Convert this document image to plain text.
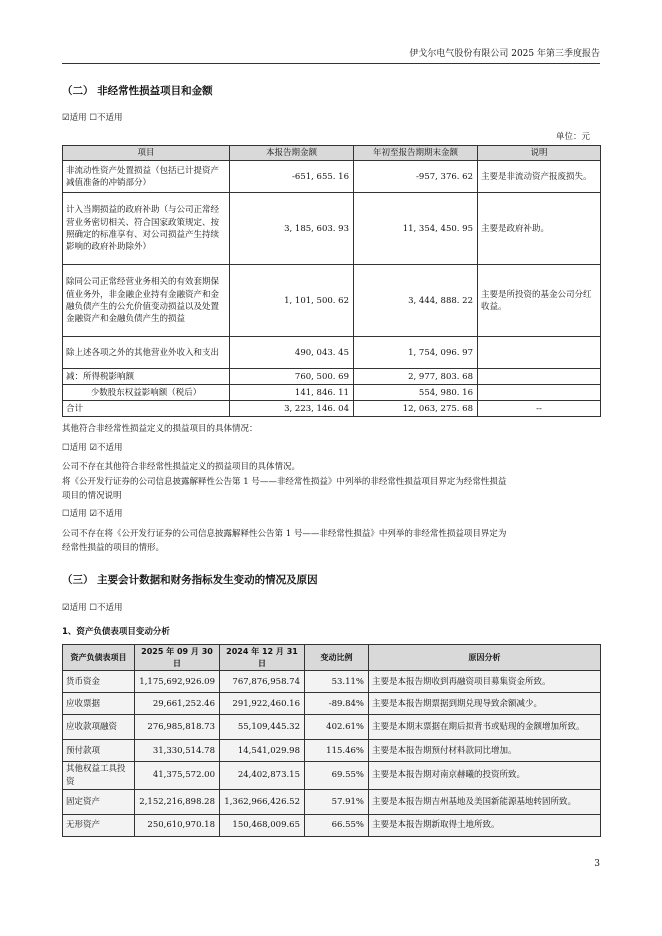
伊戈尔电气股份有限公司 2025 年第三季度报告
（二） 非经常性损益项目和金额
☑适用 ☐不适用
单位：元
项目	本报告期金额	年初至报告期期末金额	说明
非流动性资产处置损益（包括已计提资产减值准备的冲销部分）	-651, 655. 16	-957, 376. 62	主要是非流动资产报废损失。
计入当期损益的政府补助（与公司正常经营业务密切相关、符合国家政策规定、按照确定的标准享有、对公司损益产生持续影响的政府补助除外）	3, 185, 603. 93	11, 354, 450. 95	主要是政府补助。
除同公司正常经营业务相关的有效套期保值业务外，非金融企业持有金融资产和金融负债产生的公允价值变动损益以及处置金融资产和金融负债产生的损益	1, 101, 500. 62	3, 444, 888. 22	主要是所投资的基金公司分红收益。
除上述各项之外的其他营业外收入和支出	490, 043. 45	1, 754, 096. 97	
减：所得税影响额	760, 500. 69	2, 977, 803. 68	
少数股东权益影响额（税后）	141, 846. 11	554, 980. 16	
合计	3, 223, 146. 04	12, 063, 275. 68	--
其他符合非经常性损益定义的损益项目的具体情况：
☐适用 ☑不适用
公司不存在其他符合非经常性损益定义的损益项目的具体情况。
将《公开发行证券的公司信息披露解释性公告第 1 号——非经常性损益》中列举的非经常性损益项目界定为经常性损益
项目的情况说明
☐适用 ☑不适用
公司不存在将《公开发行证券的公司信息披露解释性公告第 1 号——非经常性损益》中列举的非经常性损益项目界定为
经常性损益的项目的情形。
（三） 主要会计数据和财务指标发生变动的情况及原因
☑适用 ☐不适用
1、资产负债表项目变动分析
资产负债表项目	2025 年 09 月 30 日	2024 年 12 月 31 日	变动比例	原因分析
货币资金	1,175,692,926.09	767,876,958.74	53.11%	主要是本报告期收到再融资项目募集资金所致。
应收票据	29,661,252.46	291,922,460.16	-89.84%	主要是本报告期票据到期兑现导致余额减少。
应收款项融资	276,985,818.73	55,109,445.32	402.61%	主要是本期末票据在期后拟背书或贴现的金额增加所致。
预付款项	31,330,514.78	14,541,029.98	115.46%	主要是本报告期预付材料款同比增加。
其他权益工具投资	41,375,572.00	24,402,873.15	69.55%	主要是本报告期对南京赫曦的投资所致。
固定资产	2,152,216,898.28	1,362,966,426.52	57.91%	主要是本报告期吉州基地及美国新能源基地转固所致。
无形资产	250,610,970.18	150,468,009.65	66.55%	主要是本报告期新取得土地所致。
3
